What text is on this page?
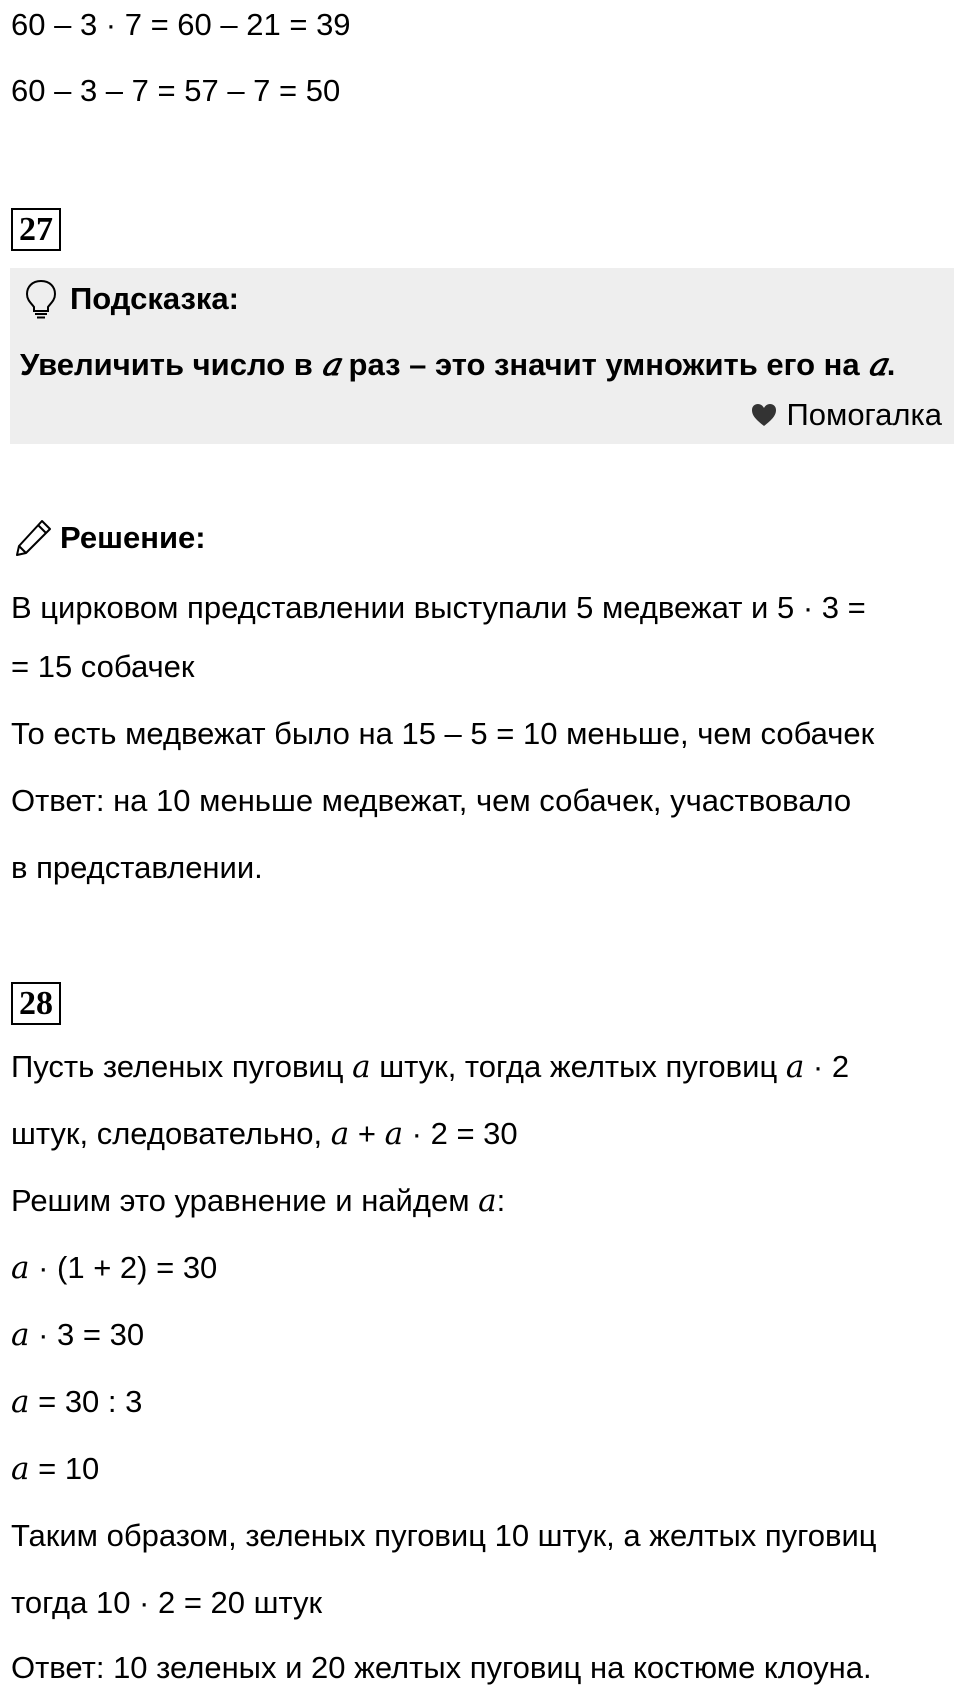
60 – 3 · 7 = 60 – 21 = 39
60 – 3 – 7 = 57 – 7 = 50
27
Подсказка:
Увеличить число в 𝑎 раз – это значит умножить его на 𝑎.
Помогалка
Решение:
В цирковом представлении выступали 5 медвежат и 5 · 3 =
= 15 собачек
То есть медвежат было на 15 – 5 = 10 меньше, чем собачек
Ответ: на 10 меньше медвежат, чем собачек, участвовало
в представлении.
28
Пусть зеленых пуговиц 𝑎 штук, тогда желтых пуговиц 𝑎 · 2
штук, следовательно, 𝑎 + 𝑎 · 2 = 30
Решим это уравнение и найдем 𝑎:
𝑎 · (1 + 2) = 30
𝑎 · 3 = 30
𝑎 = 30 : 3
𝑎 = 10
Таким образом, зеленых пуговиц 10 штук, а желтых пуговиц
тогда 10 · 2 = 20 штук
Ответ: 10 зеленых и 20 желтых пуговиц на костюме клоуна.
